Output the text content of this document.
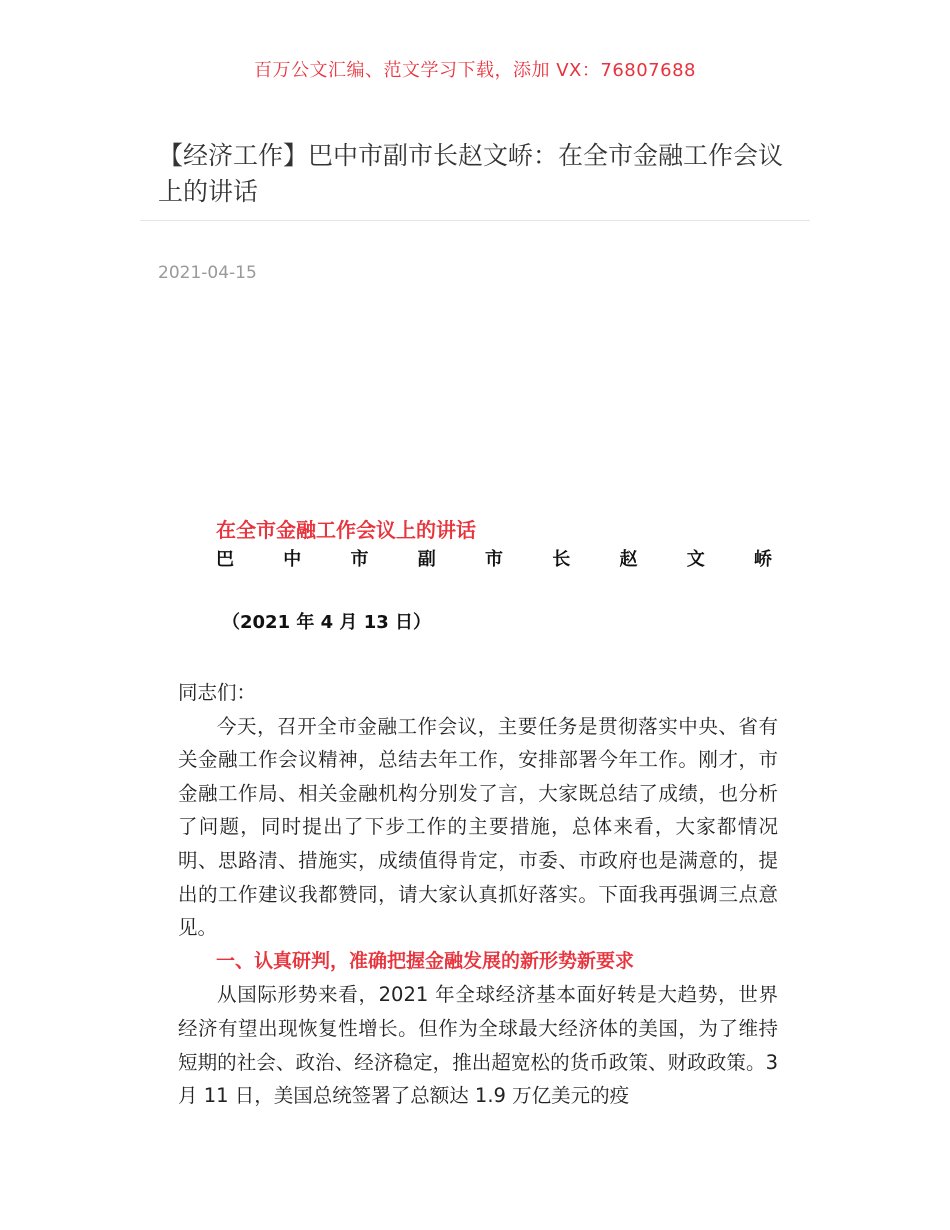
百万公文汇编、范文学习下载，添加 VX：76807688
【经济工作】巴中市副市长赵文峤：在全市金融工作会议上的讲话
2021-04-15
在全市金融工作会议上的讲话
巴	中	市	副	市	长	赵	文	峤
（2021 年 4 月 13 日）

同志们：

今天，召开全市金融工作会议，主要任务是贯彻落实中央、省有关金融工作会议精神，总结去年工作，安排部署今年工作。刚才，市金融工作局、相关金融机构分别发了言，大家既总结了成绩，也分析了问题，同时提出了下步工作的主要措施，总体来看，大家都情况明、思路清、措施实，成绩值得肯定，市委、市政府也是满意的，提出的工作建议我都赞同，请大家认真抓好落实。下面我再强调三点意见。

一、认真研判，准确把握金融发展的新形势新要求

从国际形势来看，2021 年全球经济基本面好转是大趋势，世界经济有望出现恢复性增长。但作为全球最大经济体的美国，为了维持短期的社会、政治、经济稳定，推出超宽松的货币政策、财政政策。3 月 11 日，美国总统签署了总额达 1.9 万亿美元的疫
